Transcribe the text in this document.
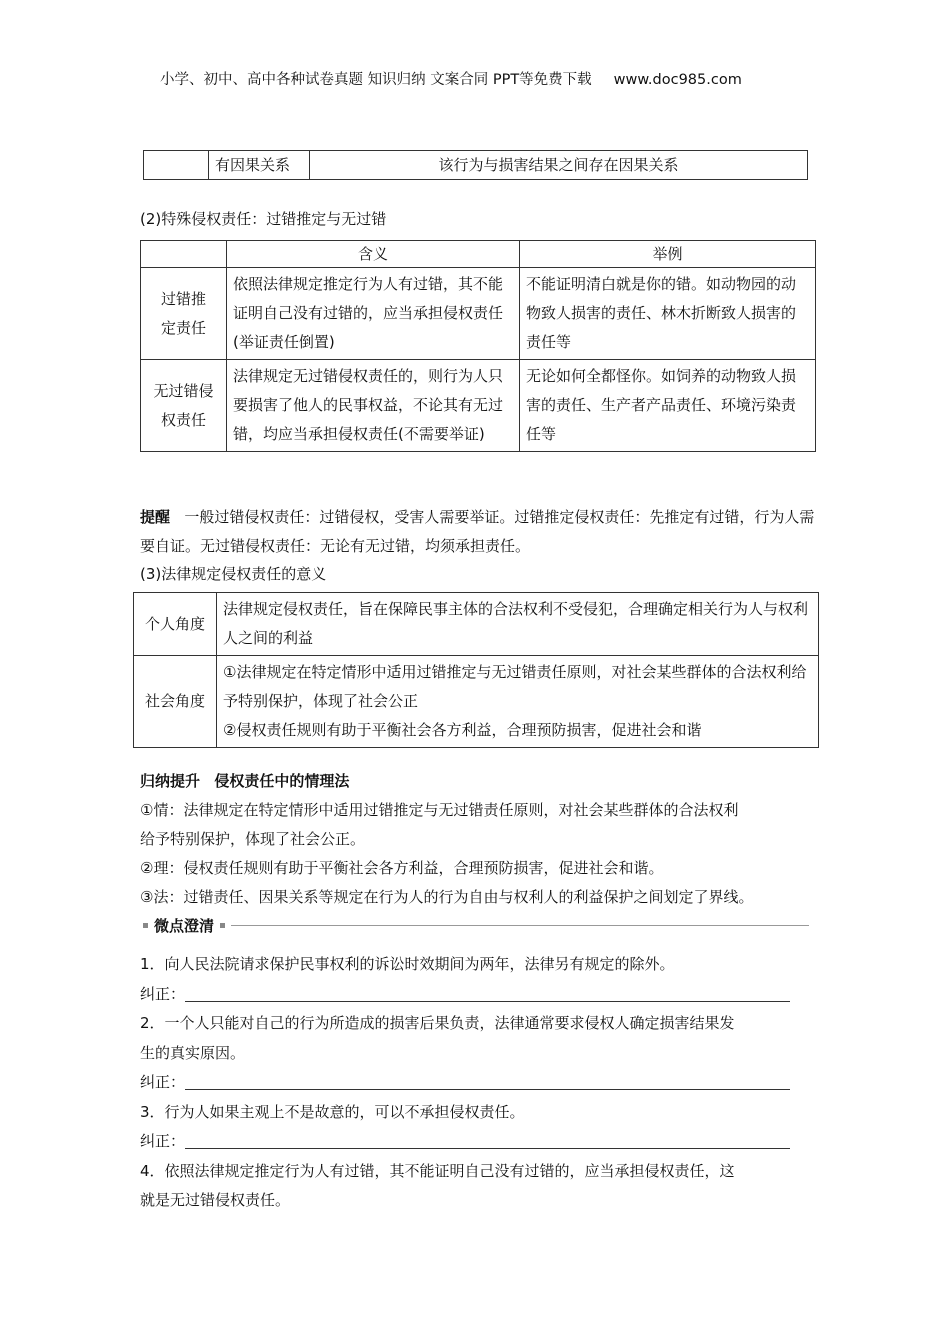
小学、初中、高中各种试卷真题 知识归纳 文案合同 PPT等免费下载 www.doc985.com
	有因果关系	该行为与损害结果之间存在因果关系
(2)特殊侵权责任：过错推定与无过错
	含义	举例
过错推定责任	依照法律规定推定行为人有过错，其不能证明自己没有过错的，应当承担侵权责任(举证责任倒置)	不能证明清白就是你的错。如动物园的动物致人损害的责任、林木折断致人损害的责任等
无过错侵权责任	法律规定无过错侵权责任的，则行为人只要损害了他人的民事权益，不论其有无过错，均应当承担侵权责任(不需要举证)	无论如何全都怪你。如饲养的动物致人损害的责任、生产者产品责任、环境污染责任等
提醒 一般过错侵权责任：过错侵权，受害人需要举证。过错推定侵权责任：先推定有过错，行为人需要自证。无过错侵权责任：无论有无过错，均须承担责任。
(3)法律规定侵权责任的意义
个人角度	法律规定侵权责任，旨在保障民事主体的合法权利不受侵犯，合理确定相关行为人与权利人之间的利益
社会角度	①法律规定在特定情形中适用过错推定与无过错责任原则，对社会某些群体的合法权利给予特别保护，体现了社会公正
②侵权责任规则有助于平衡社会各方利益，合理预防损害，促进社会和谐
归纳提升 侵权责任中的情理法
①情：法律规定在特定情形中适用过错推定与无过错责任原则，对社会某些群体的合法权利
给予特别保护，体现了社会公正。
②理：侵权责任规则有助于平衡社会各方利益，合理预防损害，促进社会和谐。
③法：过错责任、因果关系等规定在行为人的行为自由与权利人的利益保护之间划定了界线。
微点澄清
1．向人民法院请求保护民事权利的诉讼时效期间为两年，法律另有规定的除外。
纠正：
2．一个人只能对自己的行为所造成的损害后果负责，法律通常要求侵权人确定损害结果发
生的真实原因。
纠正：
3．行为人如果主观上不是故意的，可以不承担侵权责任。
纠正：
4．依照法律规定推定行为人有过错，其不能证明自己没有过错的，应当承担侵权责任，这
就是无过错侵权责任。
